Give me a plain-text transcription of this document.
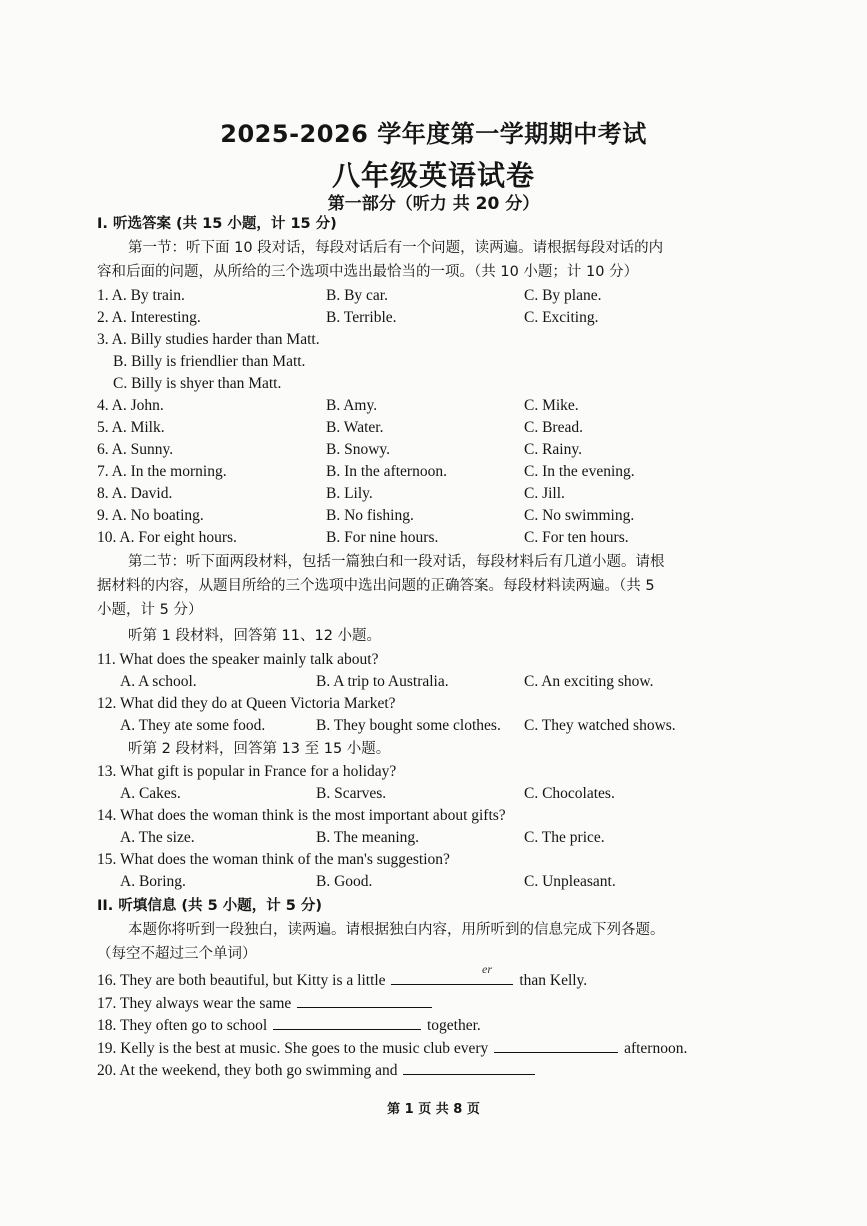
2025-2026 学年度第一学期期中考试
八年级英语试卷
第一部分（听力 共 20 分）
I. 听选答案 (共 15 小题，计 15 分)
第一节：听下面 10 段对话，每段对话后有一个问题，读两遍。请根据每段对话的内
容和后面的问题，从所给的三个选项中选出最恰当的一项。（共 10 小题；计 10 分）
1. A. By train.	B. By car.	C. By plane.
2. A. Interesting.	B. Terrible.	C. Exciting.
3. A. Billy studies harder than Matt.
B. Billy is friendlier than Matt.
C. Billy is shyer than Matt.
4. A. John.	B. Amy.	C. Mike.
5. A. Milk.	B. Water.	C. Bread.
6. A. Sunny.	B. Snowy.	C. Rainy.
7. A. In the morning.	B. In the afternoon.	C. In the evening.
8. A. David.	B. Lily.	C. Jill.
9. A. No boating.	B. No fishing.	C. No swimming.
10. A. For eight hours.	B. For nine hours.	C. For ten hours.
第二节：听下面两段材料，包括一篇独白和一段对话，每段材料后有几道小题。请根
据材料的内容，从题目所给的三个选项中选出问题的正确答案。每段材料读两遍。（共 5
小题，计 5 分）
听第 1 段材料，回答第 11、12 小题。
11. What does the speaker mainly talk about?
A. A school.	B. A trip to Australia.	C. An exciting show.
12. What did they do at Queen Victoria Market?
A. They ate some food.	B. They bought some clothes. C. They watched shows.
听第 2 段材料，回答第 13 至 15 小题。
13. What gift is popular in France for a holiday?
A. Cakes.	B. Scarves.	C. Chocolates.
14. What does the woman think is the most important about gifts?
A. The size.	B. The meaning.	C. The price.
15. What does the woman think of the man's suggestion?
A. Boring.	B. Good.	C. Unpleasant.
II. 听填信息 (共 5 小题，计 5 分)
本题你将听到一段独白，读两遍。请根据独白内容，用所听到的信息完成下列各题。
（每空不超过三个单词）
16. They are both beautiful, but Kitty is a little	than Kelly.
er
17. They always wear the same
18. They often go to school	together.
19. Kelly is the best at music. She goes to the music club every	afternoon.
20. At the weekend, they both go swimming and
第 1 页 共 8 页
